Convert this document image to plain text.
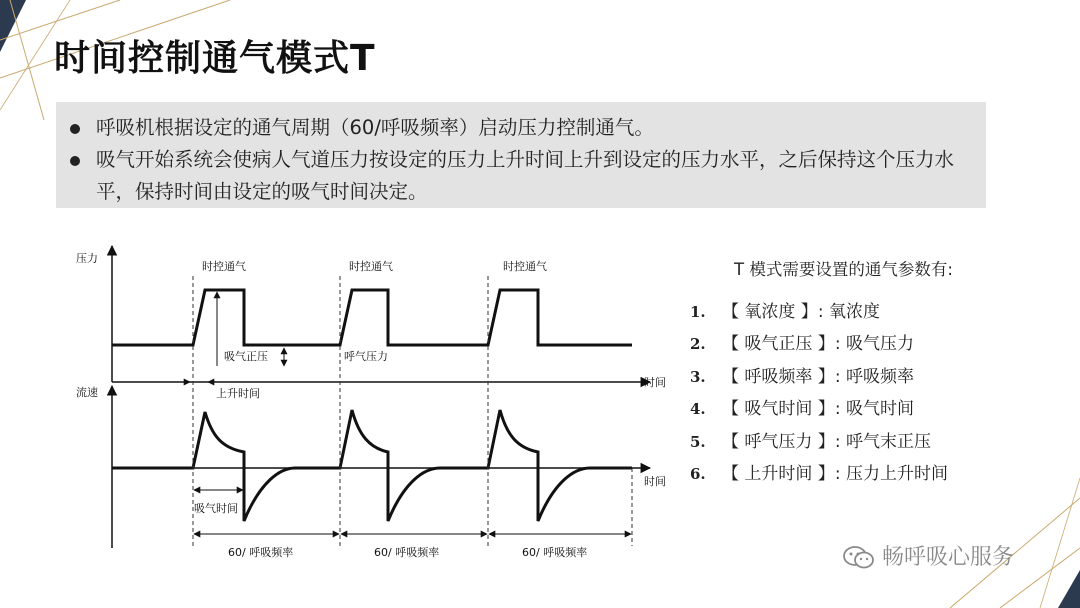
时间控制通气模式T
呼吸机根据设定的通气周期（60/呼吸频率）启动压力控制通气。
吸气开始系统会使病人气道压力按设定的压力上升时间上升到设定的压力水平，之后保持这个压力水平，保持时间由设定的吸气时间决定。
压力
时间
流速
时间
时控通气	时控通气	时控通气
吸气正压	呼气压力
上升时间
吸气时间
60/ 呼吸频率	60/ 呼吸频率	60/ 呼吸频率
T 模式需要设置的通气参数有:
1. 【 氧浓度 】: 氧浓度
2. 【 吸气正压 】: 吸气压力
3. 【 呼吸频率 】: 呼吸频率
4. 【 吸气时间 】: 吸气时间
5. 【 呼气压力 】: 呼气末正压
6. 【 上升时间 】: 压力上升时间
畅呼吸心服务
